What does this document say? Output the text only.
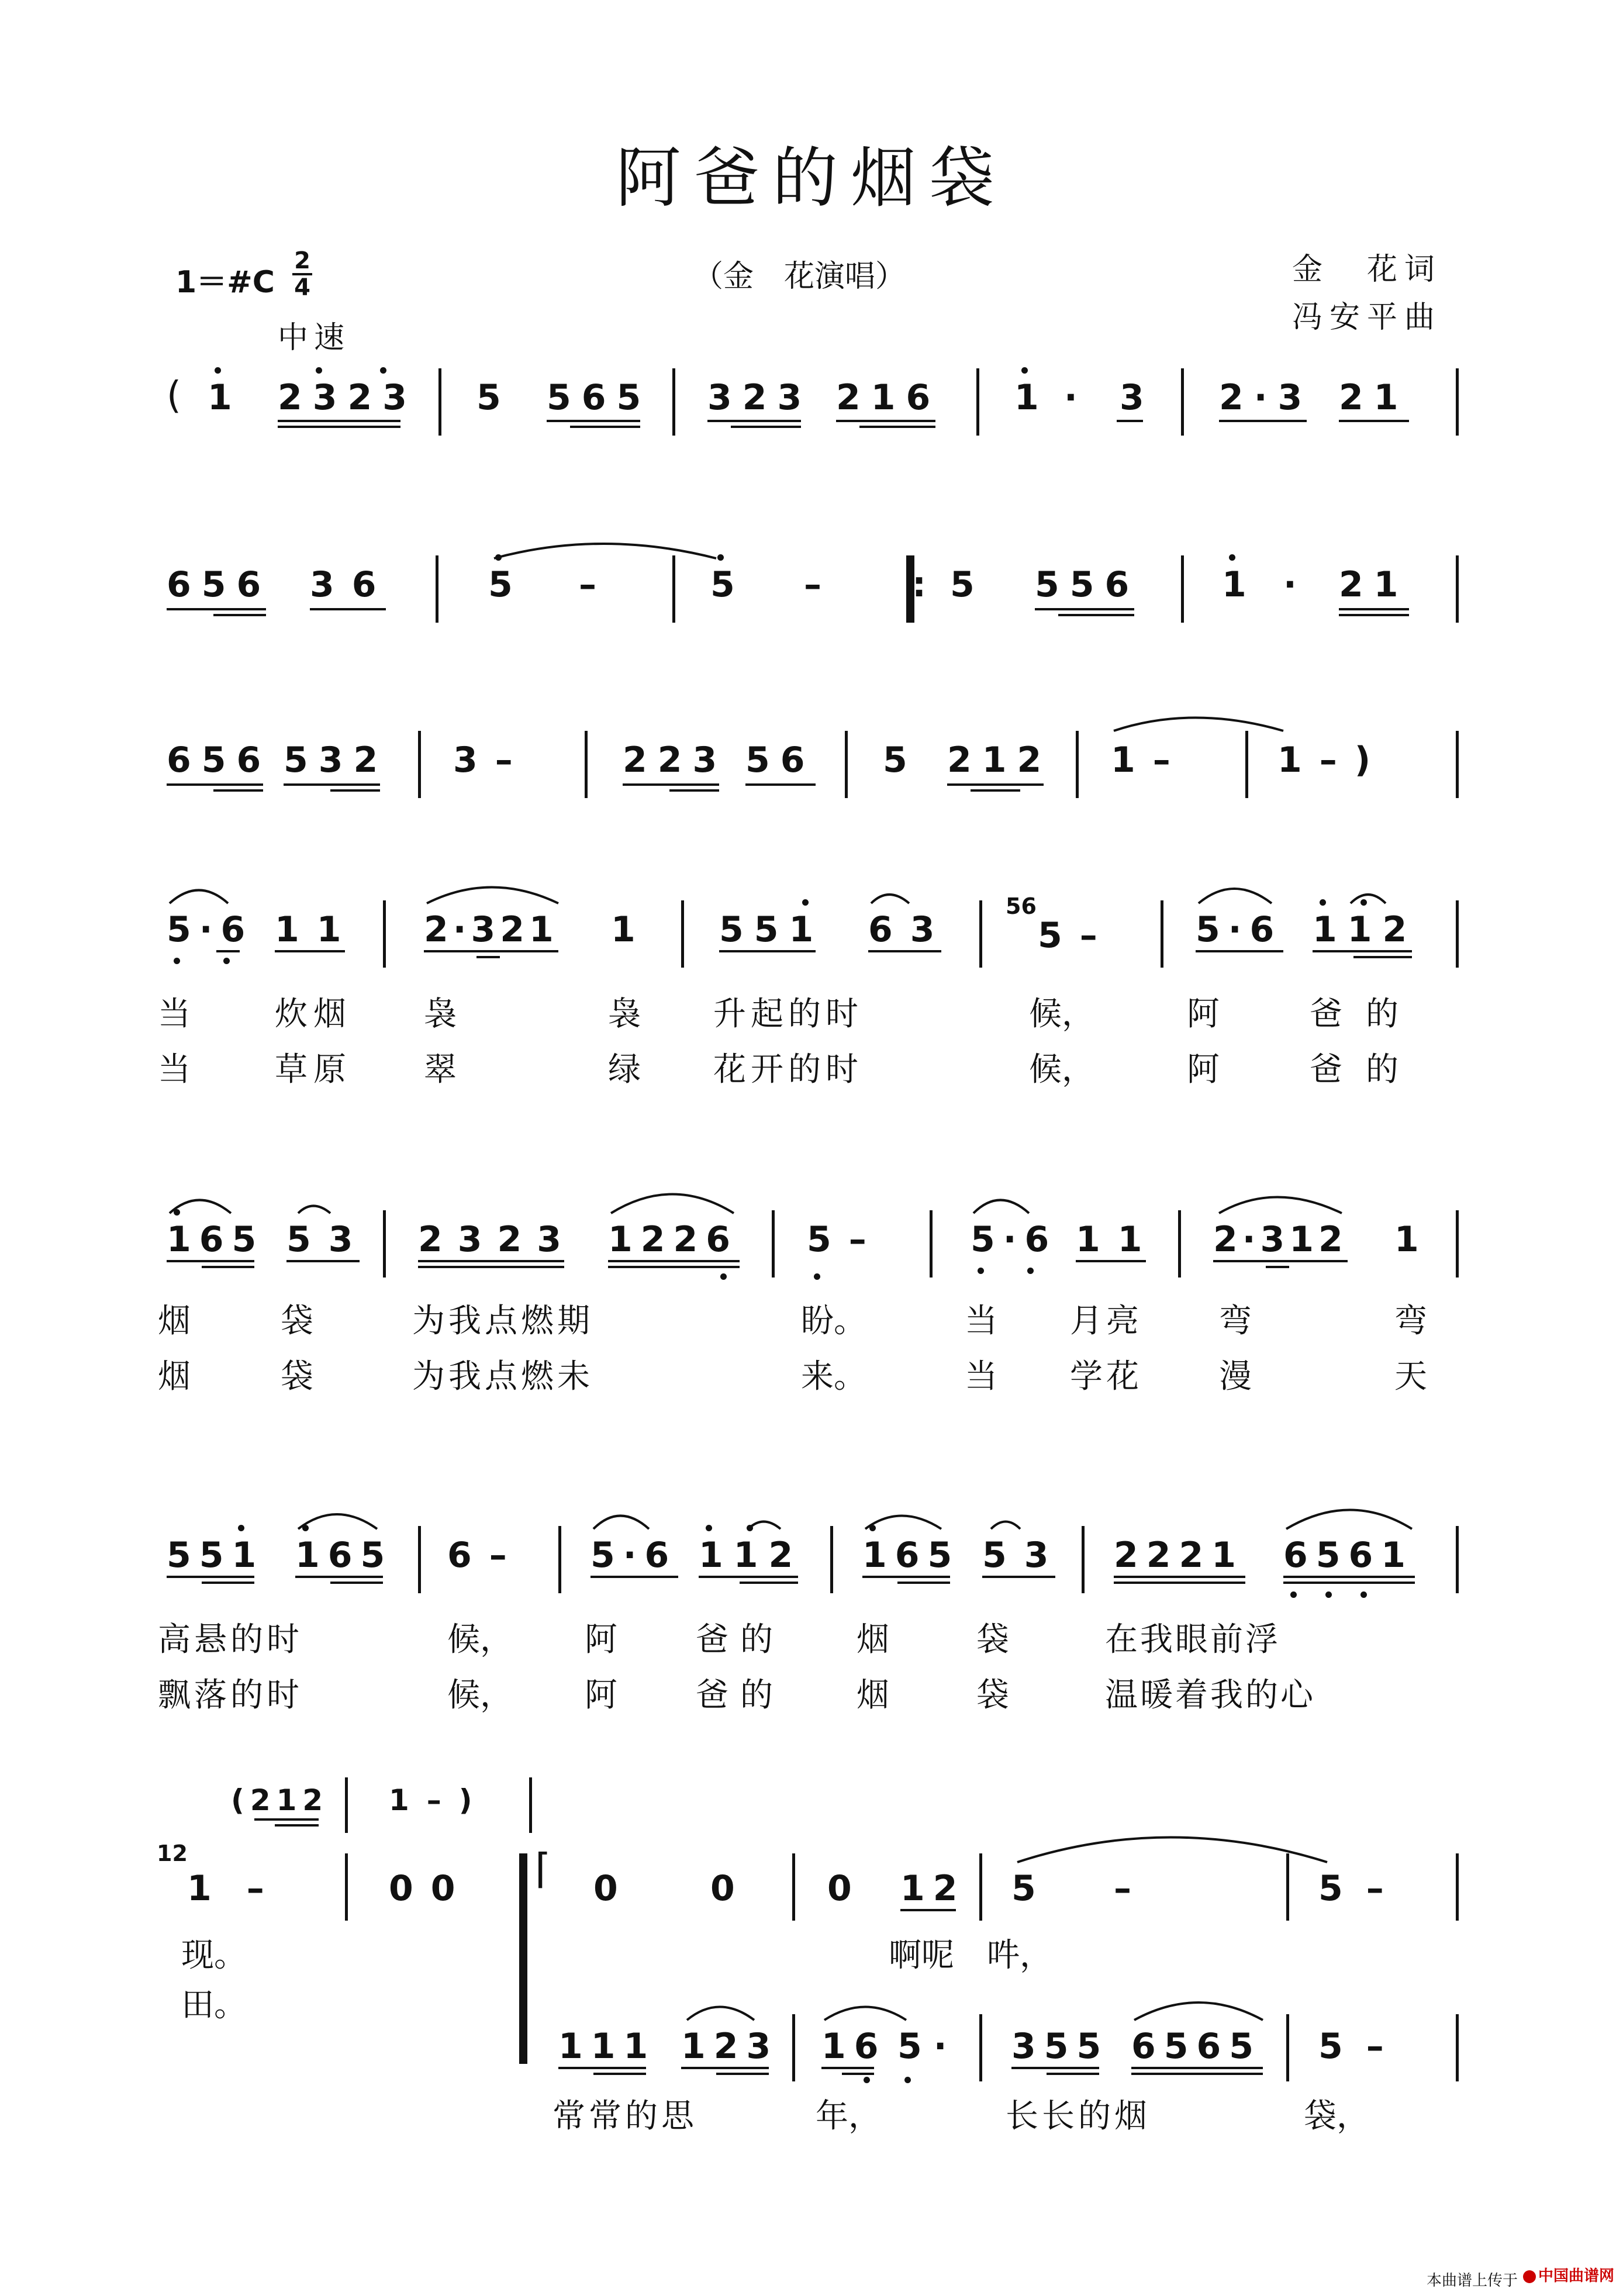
阿爸的烟袋
1＝#C
2
4
中速
（金　花演唱）	金　花词
冯安平曲
( 1 2323 5 565 323 216 1 · 3 2·3 21
656 36	5 –	5 –	: 5 556 1 · 21
656 532 3–	223 56 5 212 1–	1–)
5·6 11 2·321 1 551 63
56
5– 5·6 112
当	炊烟 袅	袅 升起的时	候，	阿	爸的
当	草原 翠	绿 花开的时	候，	阿	爸的
165 53 2323 1226 5– 5·6 11 2·312 1
烟	袋	为我点燃期	盼。	当 月亮 弯	弯
烟	袋	为我点燃未	来。	当 学花 漫	天
551 165 6– 5·6 112 165 53 2221 6561
高悬的时	候， 阿 爸的 烟	袋	在我眼前浮
飘落的时	候， 阿 爸的 烟	袋	温暖着我的心
(212 1–)
12
1–	00 ⌈ 0	0	0 12 5 –	5–
现。	啊呢　吽，
田。
111 123 16 5· 355 6565 5–
常常的思	年，	长长的烟	袋，
本曲谱上传于	中国曲谱网
